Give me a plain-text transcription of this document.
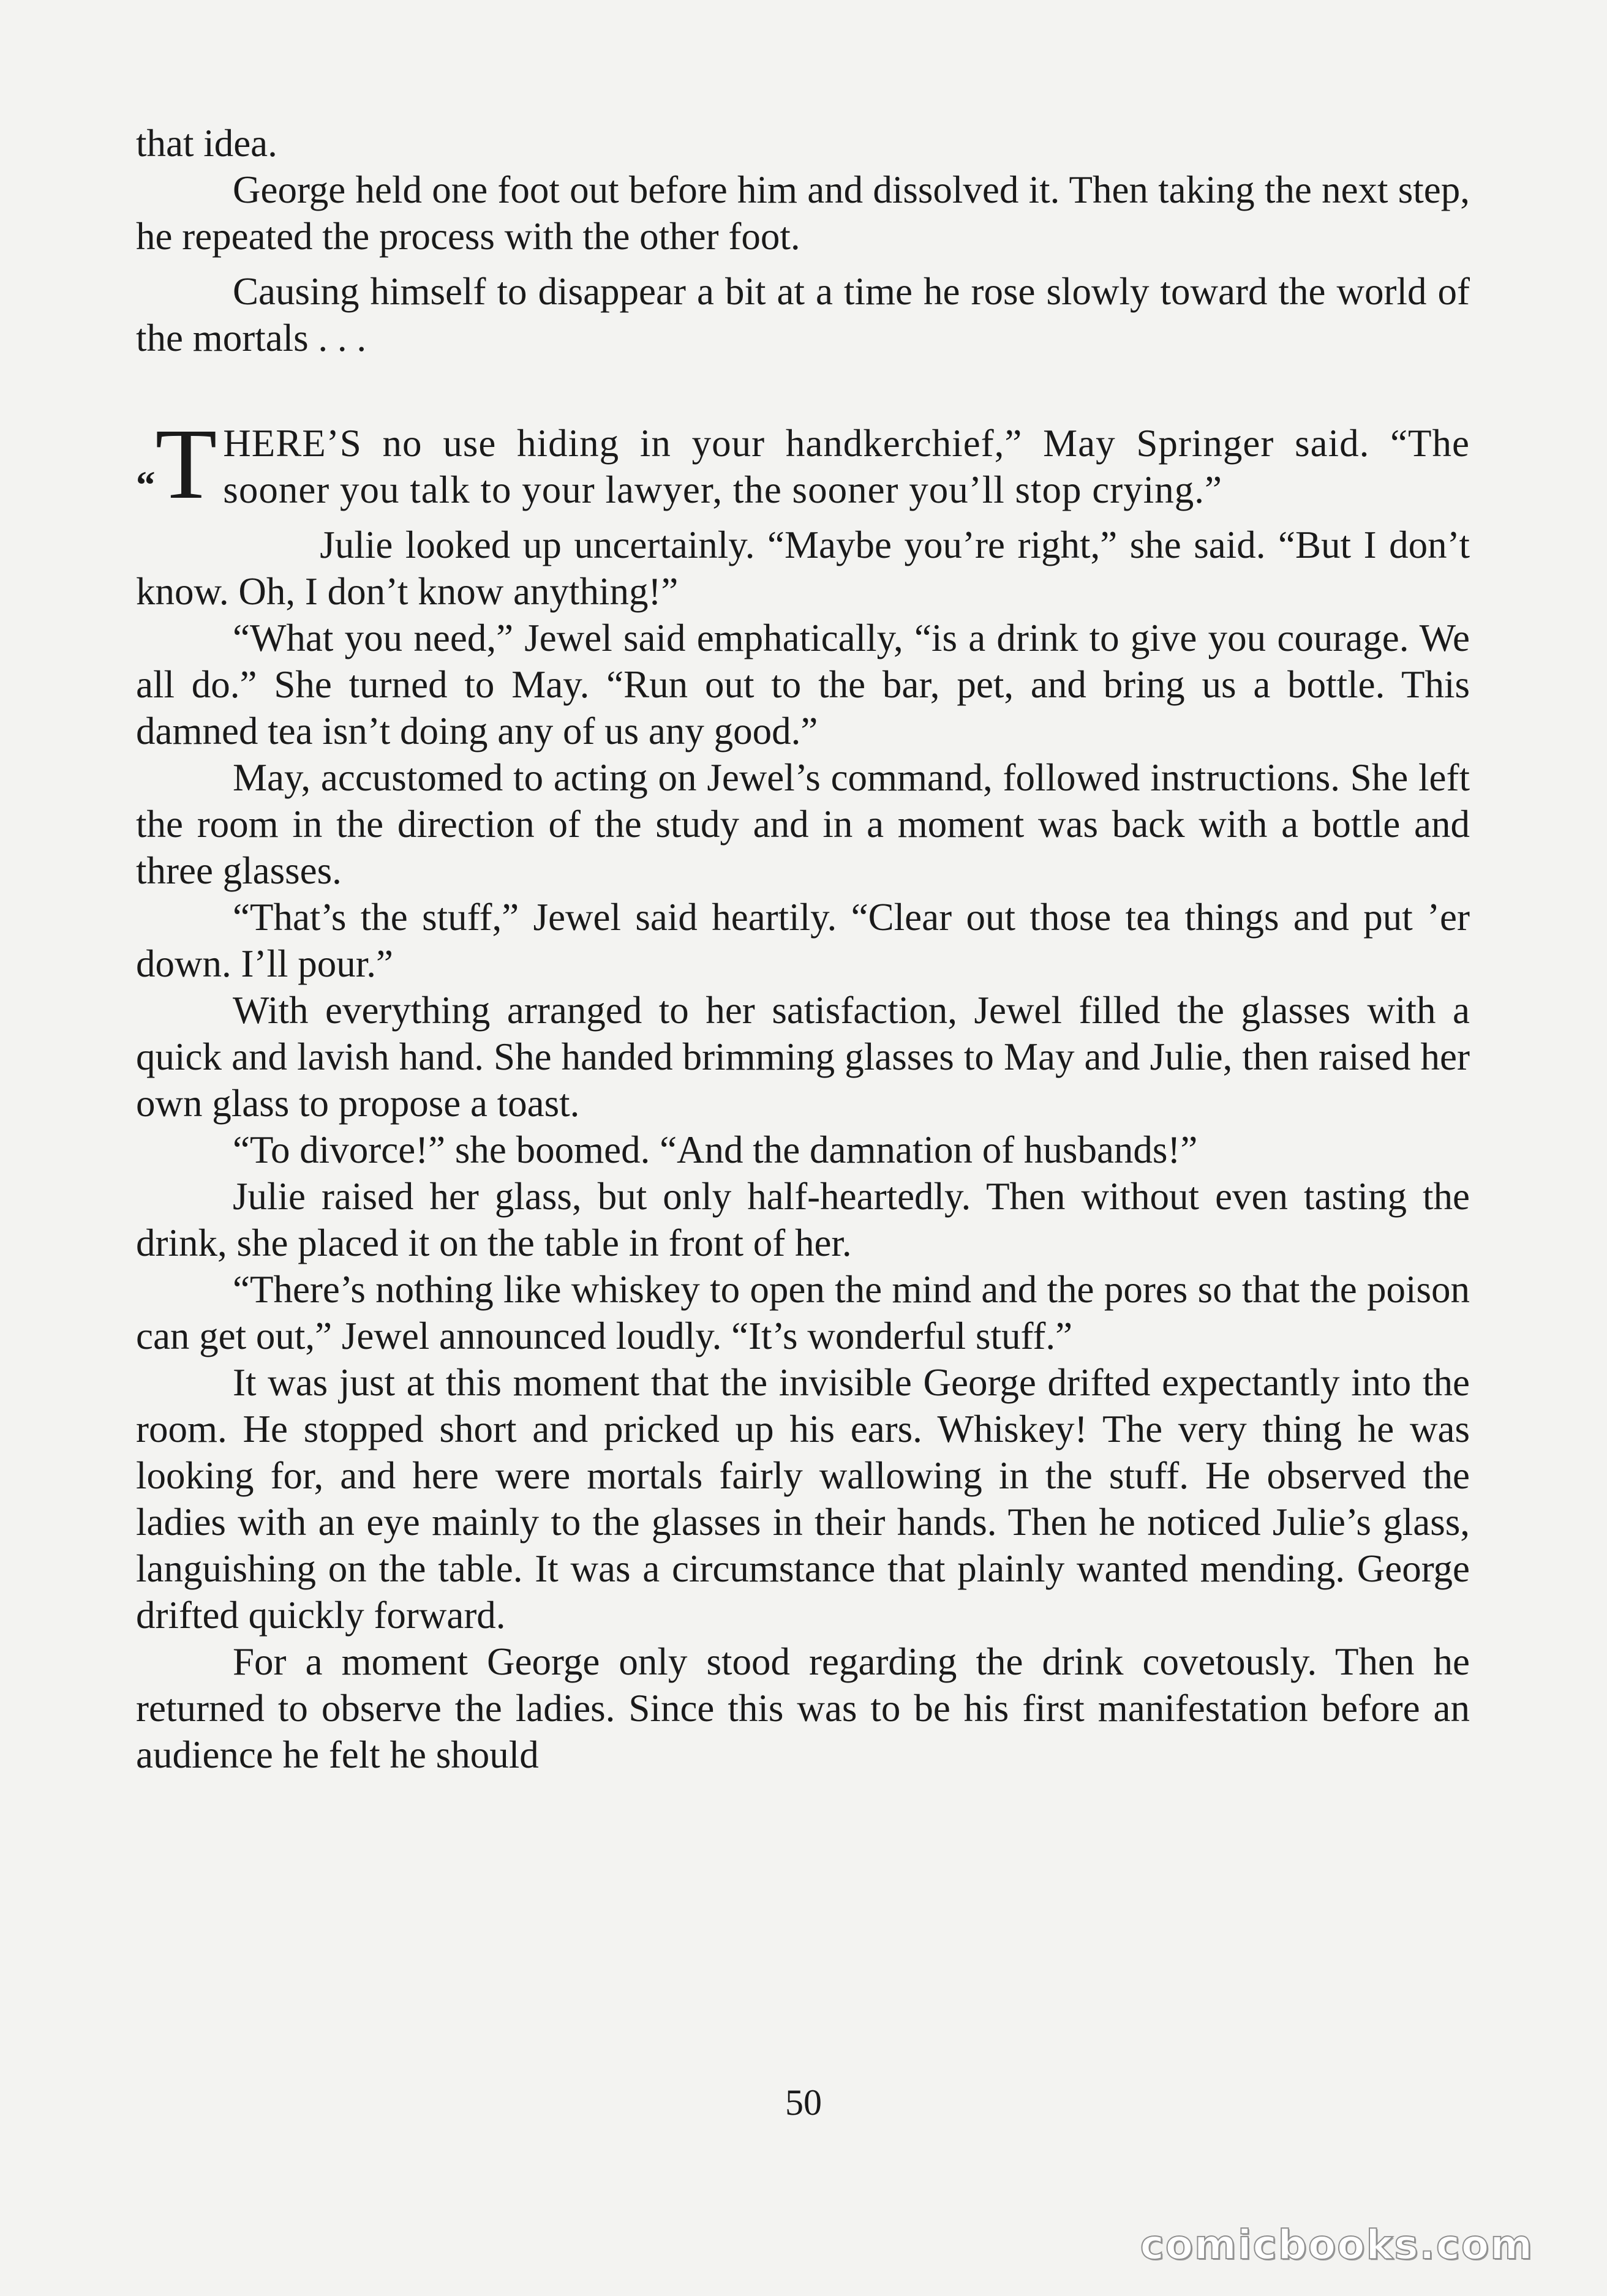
that idea.

George held one foot out before him and dissolved it. Then taking the next step, he repeated the process with the other foot.

Causing himself to disappear a bit at a time he rose slowly toward the world of the mortals . . .

“T HERE’S no use hiding in your handkerchief,” May Springer said. “The sooner you talk to your lawyer, the sooner you’ll stop crying.”

Julie looked up uncertainly. “Maybe you’re right,” she said. “But I don’t know. Oh, I don’t know anything!”

“What you need,” Jewel said emphatically, “is a drink to give you courage. We all do.” She turned to May. “Run out to the bar, pet, and bring us a bottle. This damned tea isn’t doing any of us any good.”

May, accustomed to acting on Jewel’s command, followed instructions. She left the room in the direction of the study and in a moment was back with a bottle and three glasses.

“That’s the stuff,” Jewel said heartily. “Clear out those tea things and put ’er down. I’ll pour.”

With everything arranged to her satisfaction, Jewel filled the glasses with a quick and lavish hand. She handed brimming glasses to May and Julie, then raised her own glass to propose a toast.

“To divorce!” she boomed. “And the damnation of husbands!”

Julie raised her glass, but only half-heartedly. Then without even tasting the drink, she placed it on the table in front of her.

“There’s nothing like whiskey to open the mind and the pores so that the poison can get out,” Jewel announced loudly. “It’s wonderful stuff.”

It was just at this moment that the invisible George drifted expectantly into the room. He stopped short and pricked up his ears. Whiskey! The very thing he was looking for, and here were mortals fairly wallowing in the stuff. He observed the ladies with an eye mainly to the glasses in their hands. Then he noticed Julie’s glass, languishing on the table. It was a circumstance that plainly wanted mending. George drifted quickly forward.

For a moment George only stood regarding the drink covetously. Then he returned to observe the ladies. Since this was to be his first manifestation before an audience he felt he should

50
comicbooks.com
